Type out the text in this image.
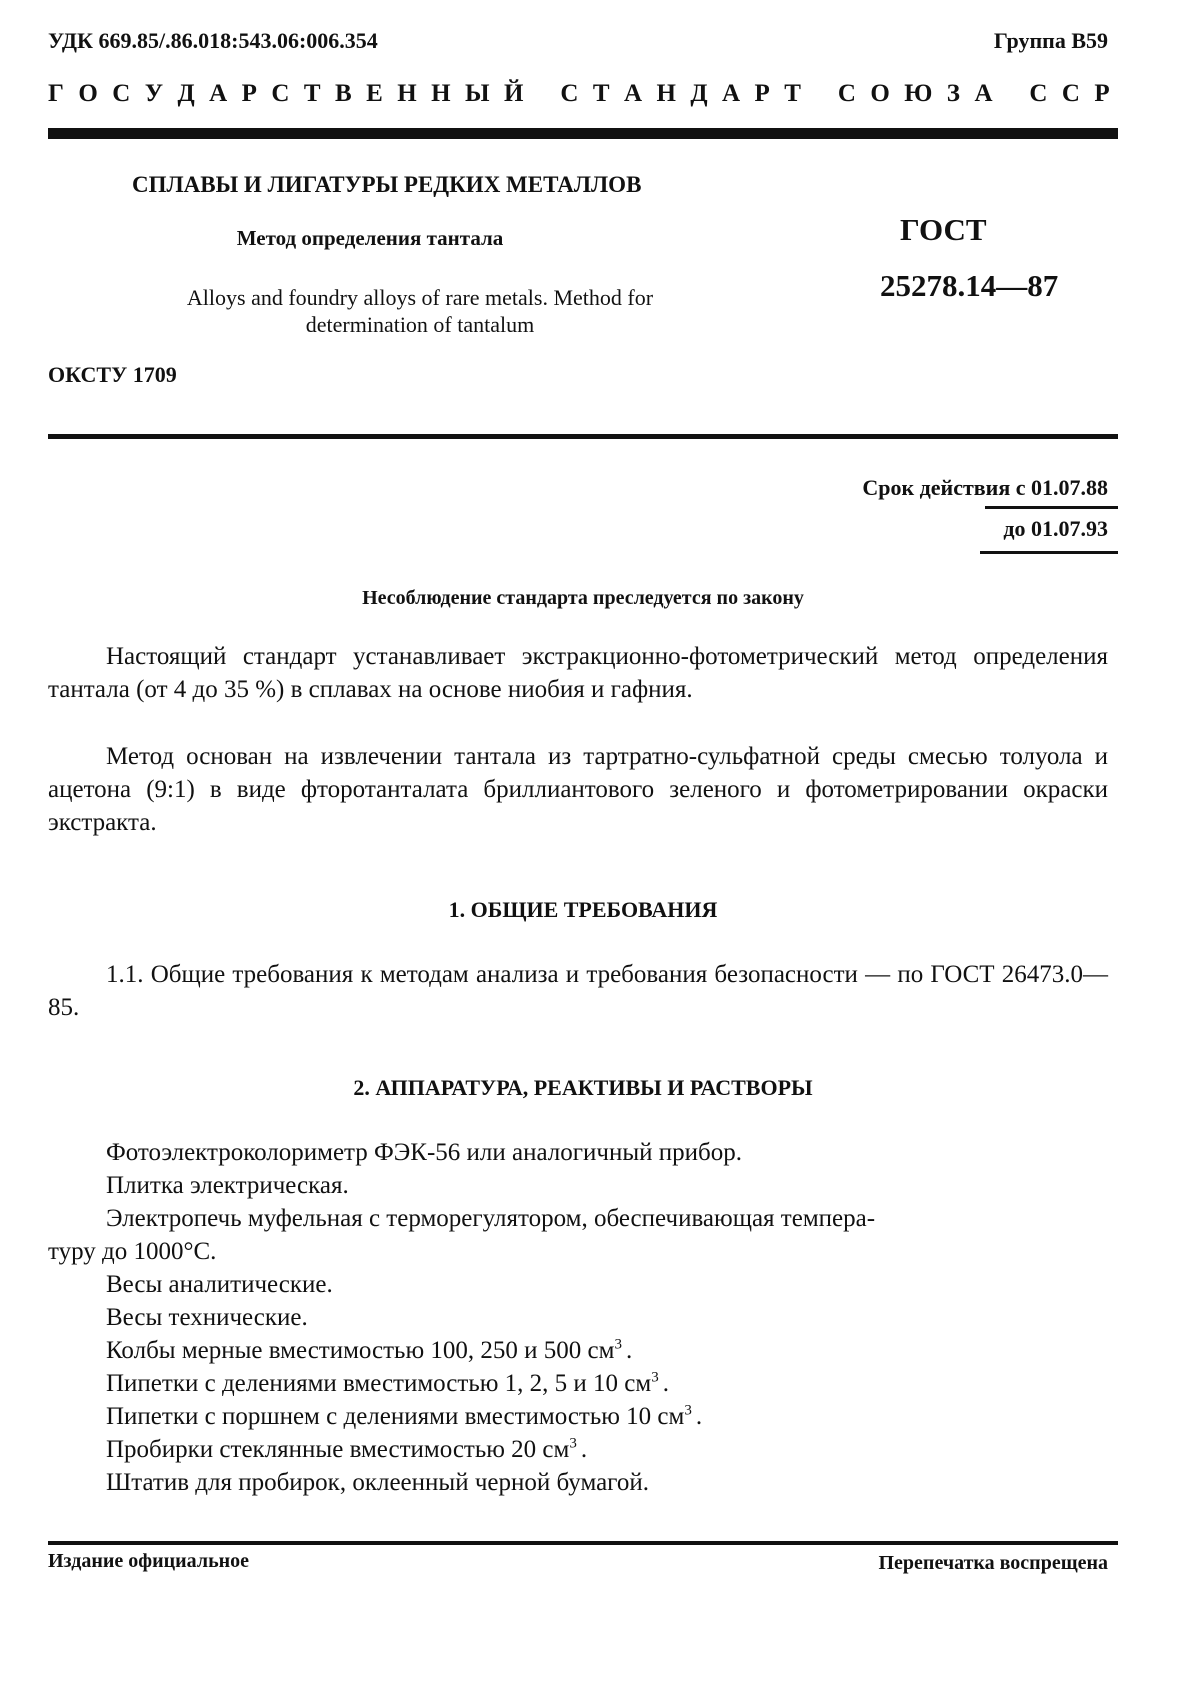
УДК 669.85/.86.018:543.06:006.354	Группа В59
Г О С У Д А Р С Т В Е Н Н Ы Й С Т А Н Д А Р Т С О Ю З А С С Р
СПЛАВЫ И ЛИГАТУРЫ РЕДКИХ МЕТАЛЛОВ
Метод определения тантала
Alloys and foundry alloys of rare metals. Method for
determination of tantalum
ГОСТ
25278.14—87
ОКСТУ 1709
Срок действия с 01.07.88
до 01.07.93
Несоблюдение стандарта преследуется по закону
Настоящий стандарт устанавливает экстракционно-фотометрический метод определения тантала (от 4 до 35 %) в сплавах на основе ниобия и гафния.
Метод основан на извлечении тантала из тартратно-сульфатной среды смесью толуола и ацетона (9:1) в виде фторотанталата бриллиантового зеленого и фотометрировании окраски экстракта.
1. ОБЩИЕ ТРЕБОВАНИЯ
1.1. Общие требования к методам анализа и требования безопасности — по ГОСТ 26473.0—85.
2. АППАРАТУРА, РЕАКТИВЫ И РАСТВОРЫ
Фотоэлектроколориметр ФЭК-56 или аналогичный прибор.
Плитка электрическая.
Электропечь муфельная с терморегулятором, обеспечивающая темпера-
туру до 1000°С.
Весы аналитические.
Весы технические.
Колбы мерные вместимостью 100, 250 и 500 $см^3$ .
Пипетки с делениями вместимостью 1, 2, 5 и 10 $см^3$ .
Пипетки с поршнем с делениями вместимостью 10 $см^3$ .
Пробирки стеклянные вместимостью 20 $см^3$ .
Штатив для пробирок, оклеенный черной бумагой.
Издание официальное	Перепечатка воспрещена
